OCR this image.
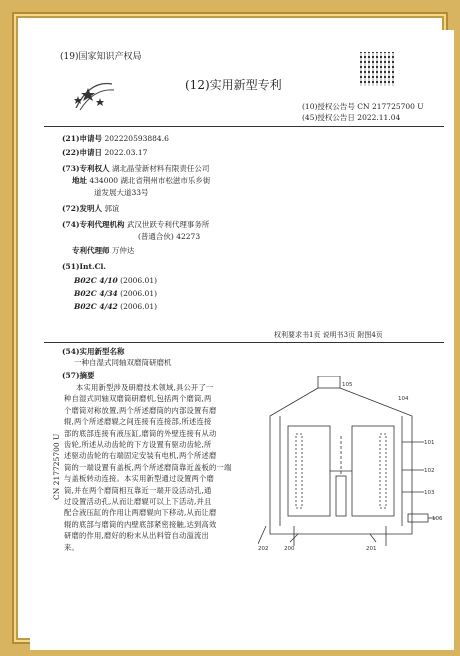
(19)国家知识产权局
(12)实用新型专利
(10)授权公告号 CN 217725700 U
(45)授权公告日 2022.11.04
(21)申请号 202220593884.6
(22)申请日 2022.03.17
(73)专利权人 湖北晶莹新材料有限责任公司
地址 434000 湖北省荆州市松滋市乐乡街
道发展大道33号
(72)发明人 郭谊
(74)专利代理机构 武汉世跃专利代理事务所
(普通合伙) 42273
专利代理师 万仲达
(51)Int.Cl.
B02C 4/10 (2006.01)
B02C 4/34 (2006.01)
B02C 4/42 (2006.01)
权利要求书1页 说明书3页 附图4页
(54)实用新型名称
一种自湿式同轴双磨筒研磨机
(57)摘要

本实用新型涉及研磨技术领域,具公开了一

种自湿式同轴双磨筒研磨机,包括两个磨筒,两

个磨筒对称放置,两个所述磨筒的内部设置有磨

辊,两个所述磨辊之间连接有连接部,所述连接

部的底部连接有液压缸,磨筒的外壁连接有从动

齿轮,所述从动齿轮的下方设置有驱动齿轮,所

述驱动齿轮的右端固定安装有电机,两个所述磨

筒的一端设置有盖板,两个所述磨筒靠近盖板的一端

与盖板转动连接。本实用新型通过设置两个磨

筒,并在两个磨筒相互靠近一端开设活动孔,通

过设置活动孔,从而让磨辊可以上下活动,并且

配合液压缸的作用让两磨辊向下移动,从而让磨

辊的底部与磨筒的内壁底部紧密接触,达到高效

研磨的作用,磨好的粉末从出料管自动溢流出

来。

CN 217725700 U	101
102
103
104
105
106
200	201
202
